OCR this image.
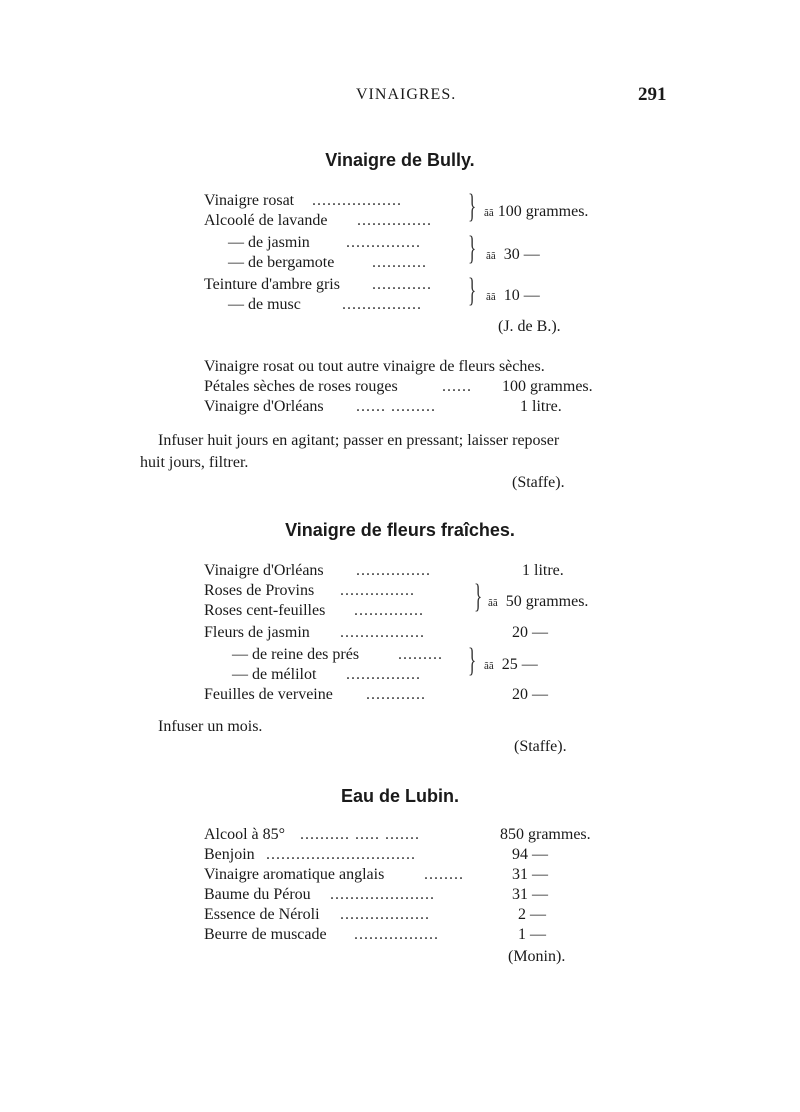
VINAIGRES.	291
Vinaigre de Bully.
Vinaigre rosat ..................
Alcoolé de lavande ...............	} ãã 100 grammes.
— de jasmin ...............
— de bergamote ...........	} ãã 30 —
Teinture d'ambre gris ............
— de musc	................	} ãã 10 —
(J. de B.).
Vinaigre rosat ou tout autre vinaigre de fleurs sèches.
Pétales sèches de roses rouges	......	100 grammes.
Vinaigre d'Orléans ...... .........	1 litre.
Infuser huit jours en agitant; passer en pressant; laisser reposer
huit jours, filtrer.
(Staffe).
Vinaigre de fleurs fraîches.
Vinaigre d'Orléans ...............	1 litre.
Roses de Provins ...............
Roses cent-feuilles ..............	} ãã 50 grammes.
Fleurs de jasmin .................	20 —
— de reine des prés .........
— de mélilot ...............	} ãã 25 —
Feuilles de verveine ............	20 —
Infuser un mois.
(Staffe).
Eau de Lubin.
Alcool à 85° .......... ..... .......	850 grammes.
Benjoin ..............................	94 —
Vinaigre aromatique anglais ........	31 —
Baume du Pérou .....................	31 —
Essence de Néroli ..................	2 —
Beurre de muscade .................	1 —
(Monin).
